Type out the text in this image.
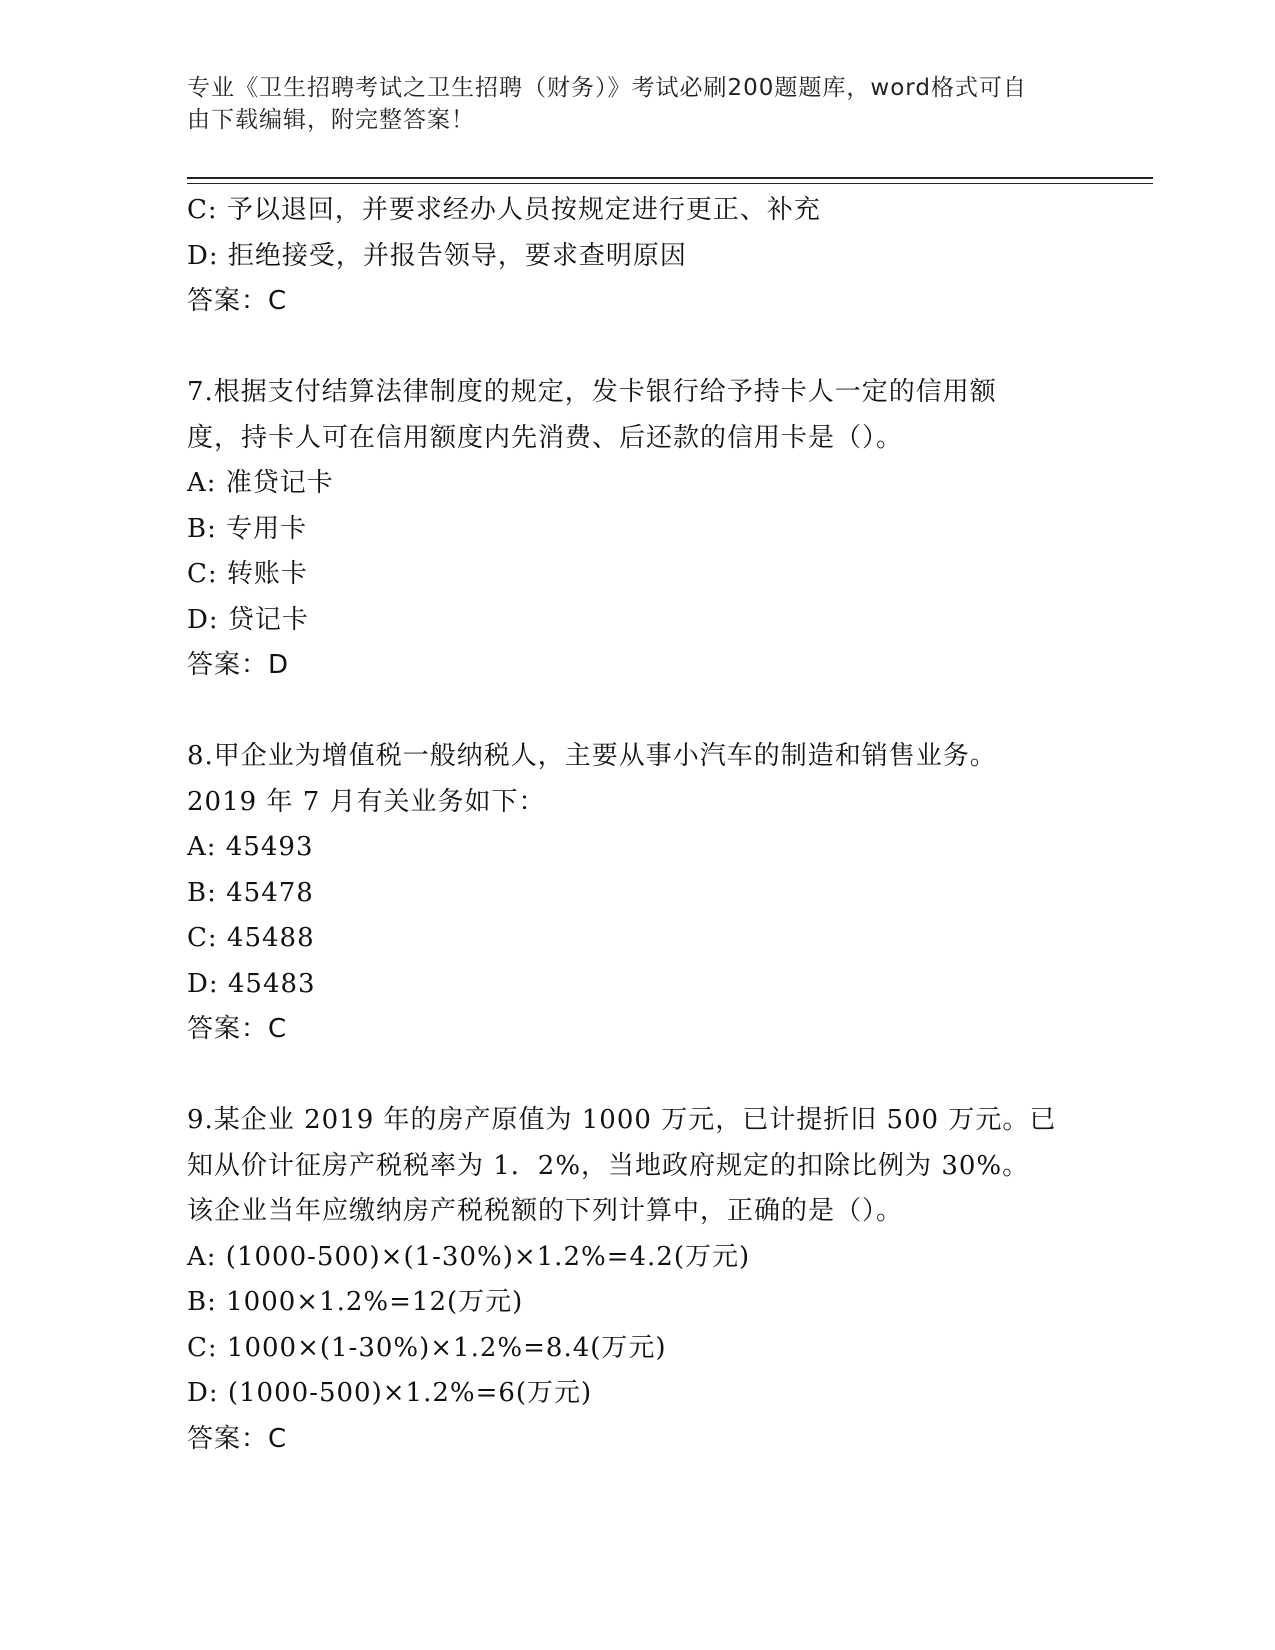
专业《卫生招聘考试之卫生招聘（财务）》考试必刷200题题库，word格式可自
由下载编辑，附完整答案！
C: 予以退回，并要求经办人员按规定进行更正、补充
D: 拒绝接受，并报告领导，要求查明原因
答案：C
7.根据支付结算法律制度的规定，发卡银行给予持卡人一定的信用额
度，持卡人可在信用额度内先消费、后还款的信用卡是（）。
A: 准贷记卡
B: 专用卡
C: 转账卡
D: 贷记卡
答案：D
8.甲企业为增值税一般纳税人，主要从事小汽车的制造和销售业务。
2019 年 7 月有关业务如下：
A: 45493
B: 45478
C: 45488
D: 45483
答案：C
9.某企业 2019 年的房产原值为 1000 万元，已计提折旧 500 万元。已
知从价计征房产税税率为 1．2%，当地政府规定的扣除比例为 30%。
该企业当年应缴纳房产税税额的下列计算中，正确的是（）。
A: (1000-500)×(1-30%)×1.2%=4.2(万元)
B: 1000×1.2%=12(万元)
C: 1000×(1-30%)×1.2%=8.4(万元)
D: (1000-500)×1.2%=6(万元)
答案：C
